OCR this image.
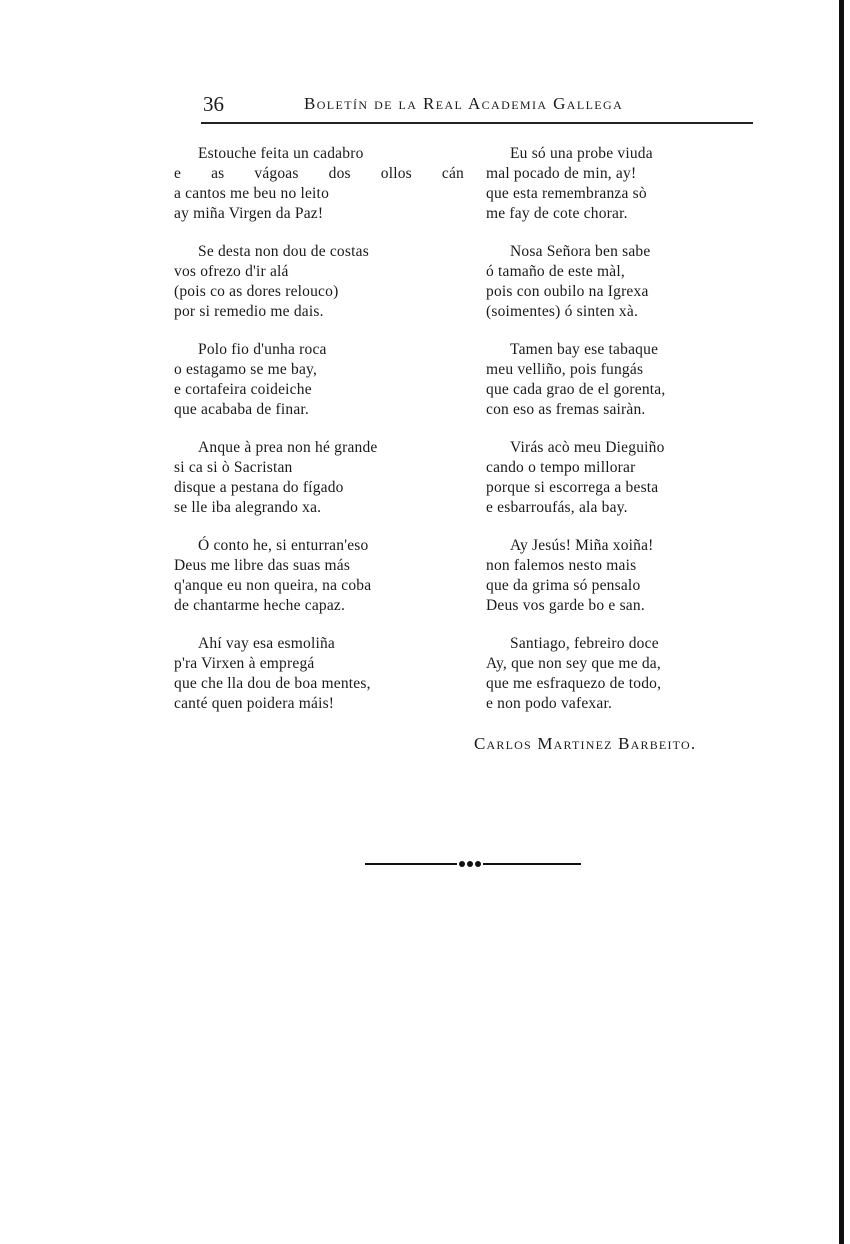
36	Boletín de la Real Academia Gallega
Estouche feita un cadabro
e as vágoas dos ollos cán
a cantos me beu no leito
ay miña Virgen da Paz!
Se desta non dou de costas
vos ofrezo d'ir alá
(pois co as dores relouco)
por si remedio me dais.
Polo fio d'unha roca
o estagamo se me bay,
e cortafeira coideiche
que acababa de finar.
Anque à prea non hé grande
si ca si ò Sacristan
disque a pestana do fígado
se lle iba alegrando xa.
Ó conto he, si enturran'eso
Deus me libre das suas más
q'anque eu non queira, na coba
de chantarme heche capaz.
Ahí vay esa esmoliña
p'ra Virxen à empregá
que che lla dou de boa mentes,
canté quen poidera máis!
Eu só una probe viuda
mal pocado de min, ay!
que esta remembranza sò
me fay de cote chorar.
Nosa Señora ben sabe
ó tamaño de este màl,
pois con oubilo na Igrexa
(soimentes) ó sinten xà.
Tamen bay ese tabaque
meu velliño, pois fungás
que cada grao de el gorenta,
con eso as fremas sairàn.
Virás acò meu Dieguiño
cando o tempo millorar
porque si escorrega a besta
e esbarroufás, ala bay.
Ay Jesús! Miña xoiña!
non falemos nesto mais
que da grima só pensalo
Deus vos garde bo e san.
Santiago, febreiro doce
Ay, que non sey que me da,
que me esfraquezo de todo,
e non podo vafexar.
Carlos Martinez Barbeito.
